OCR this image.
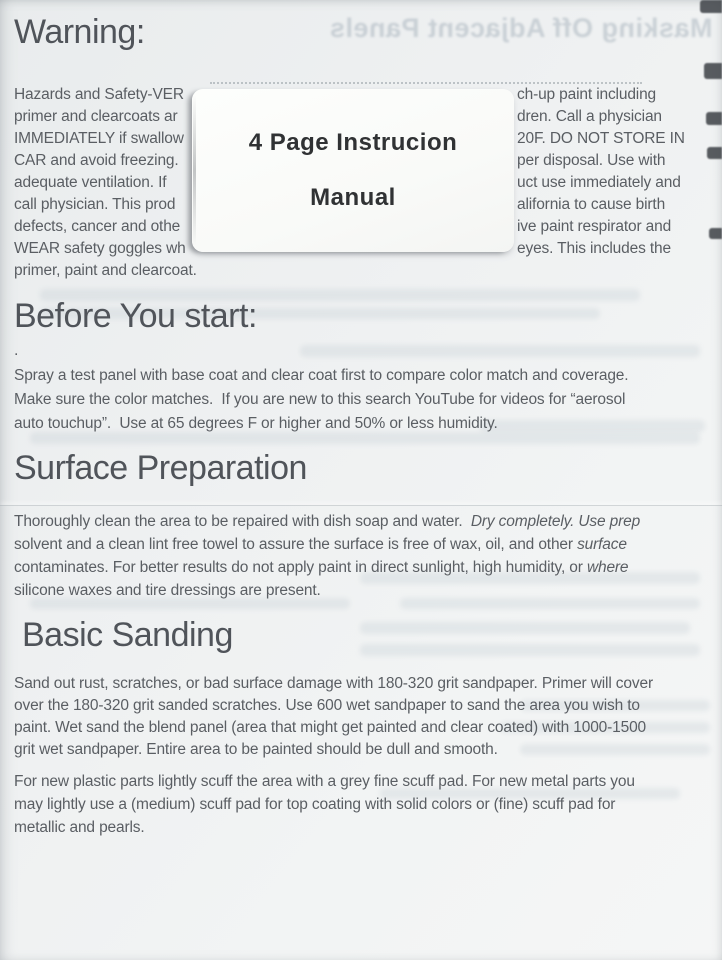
Masking Off Adjacent Panels
Warning:
Hazards and Safety-VER	ch-up paint including
primer and clearcoats ar	dren. Call a physician
IMMEDIATELY if swallow	20F. DO NOT STORE IN
CAR and avoid freezing.	per disposal. Use with
adequate ventilation. If	uct use immediately and
call physician. This prod	alifornia to cause birth
defects, cancer and othe	ive paint respirator and
WEAR safety goggles wh	eyes. This includes the
primer, paint and clearcoat.
4 Page Instrucion
Manual
Before You start:
.
Spray a test panel with base coat and clear coat first to compare color match and coverage.
Make sure the color matches.  If you are new to this search YouTube for videos for “aerosol
auto touchup”.  Use at 65 degrees F or higher and 50% or less humidity.
Surface Preparation
Thoroughly clean the area to be repaired with dish soap and water.  Dry completely. Use prep
solvent and a clean lint free towel to assure the surface is free of wax, oil, and other surface
contaminates. For better results do not apply paint in direct sunlight, high humidity, or where
silicone waxes and tire dressings are present.
Basic Sanding
Sand out rust, scratches, or bad surface damage with 180-320 grit sandpaper. Primer will cover
over the 180-320 grit sanded scratches. Use 600 wet sandpaper to sand the area you wish to
paint. Wet sand the blend panel (area that might get painted and clear coated) with 1000-1500
grit wet sandpaper. Entire area to be painted should be dull and smooth.
For new plastic parts lightly scuff the area with a grey fine scuff pad. For new metal parts you
may lightly use a (medium) scuff pad for top coating with solid colors or (fine) scuff pad for
metallic and pearls.
